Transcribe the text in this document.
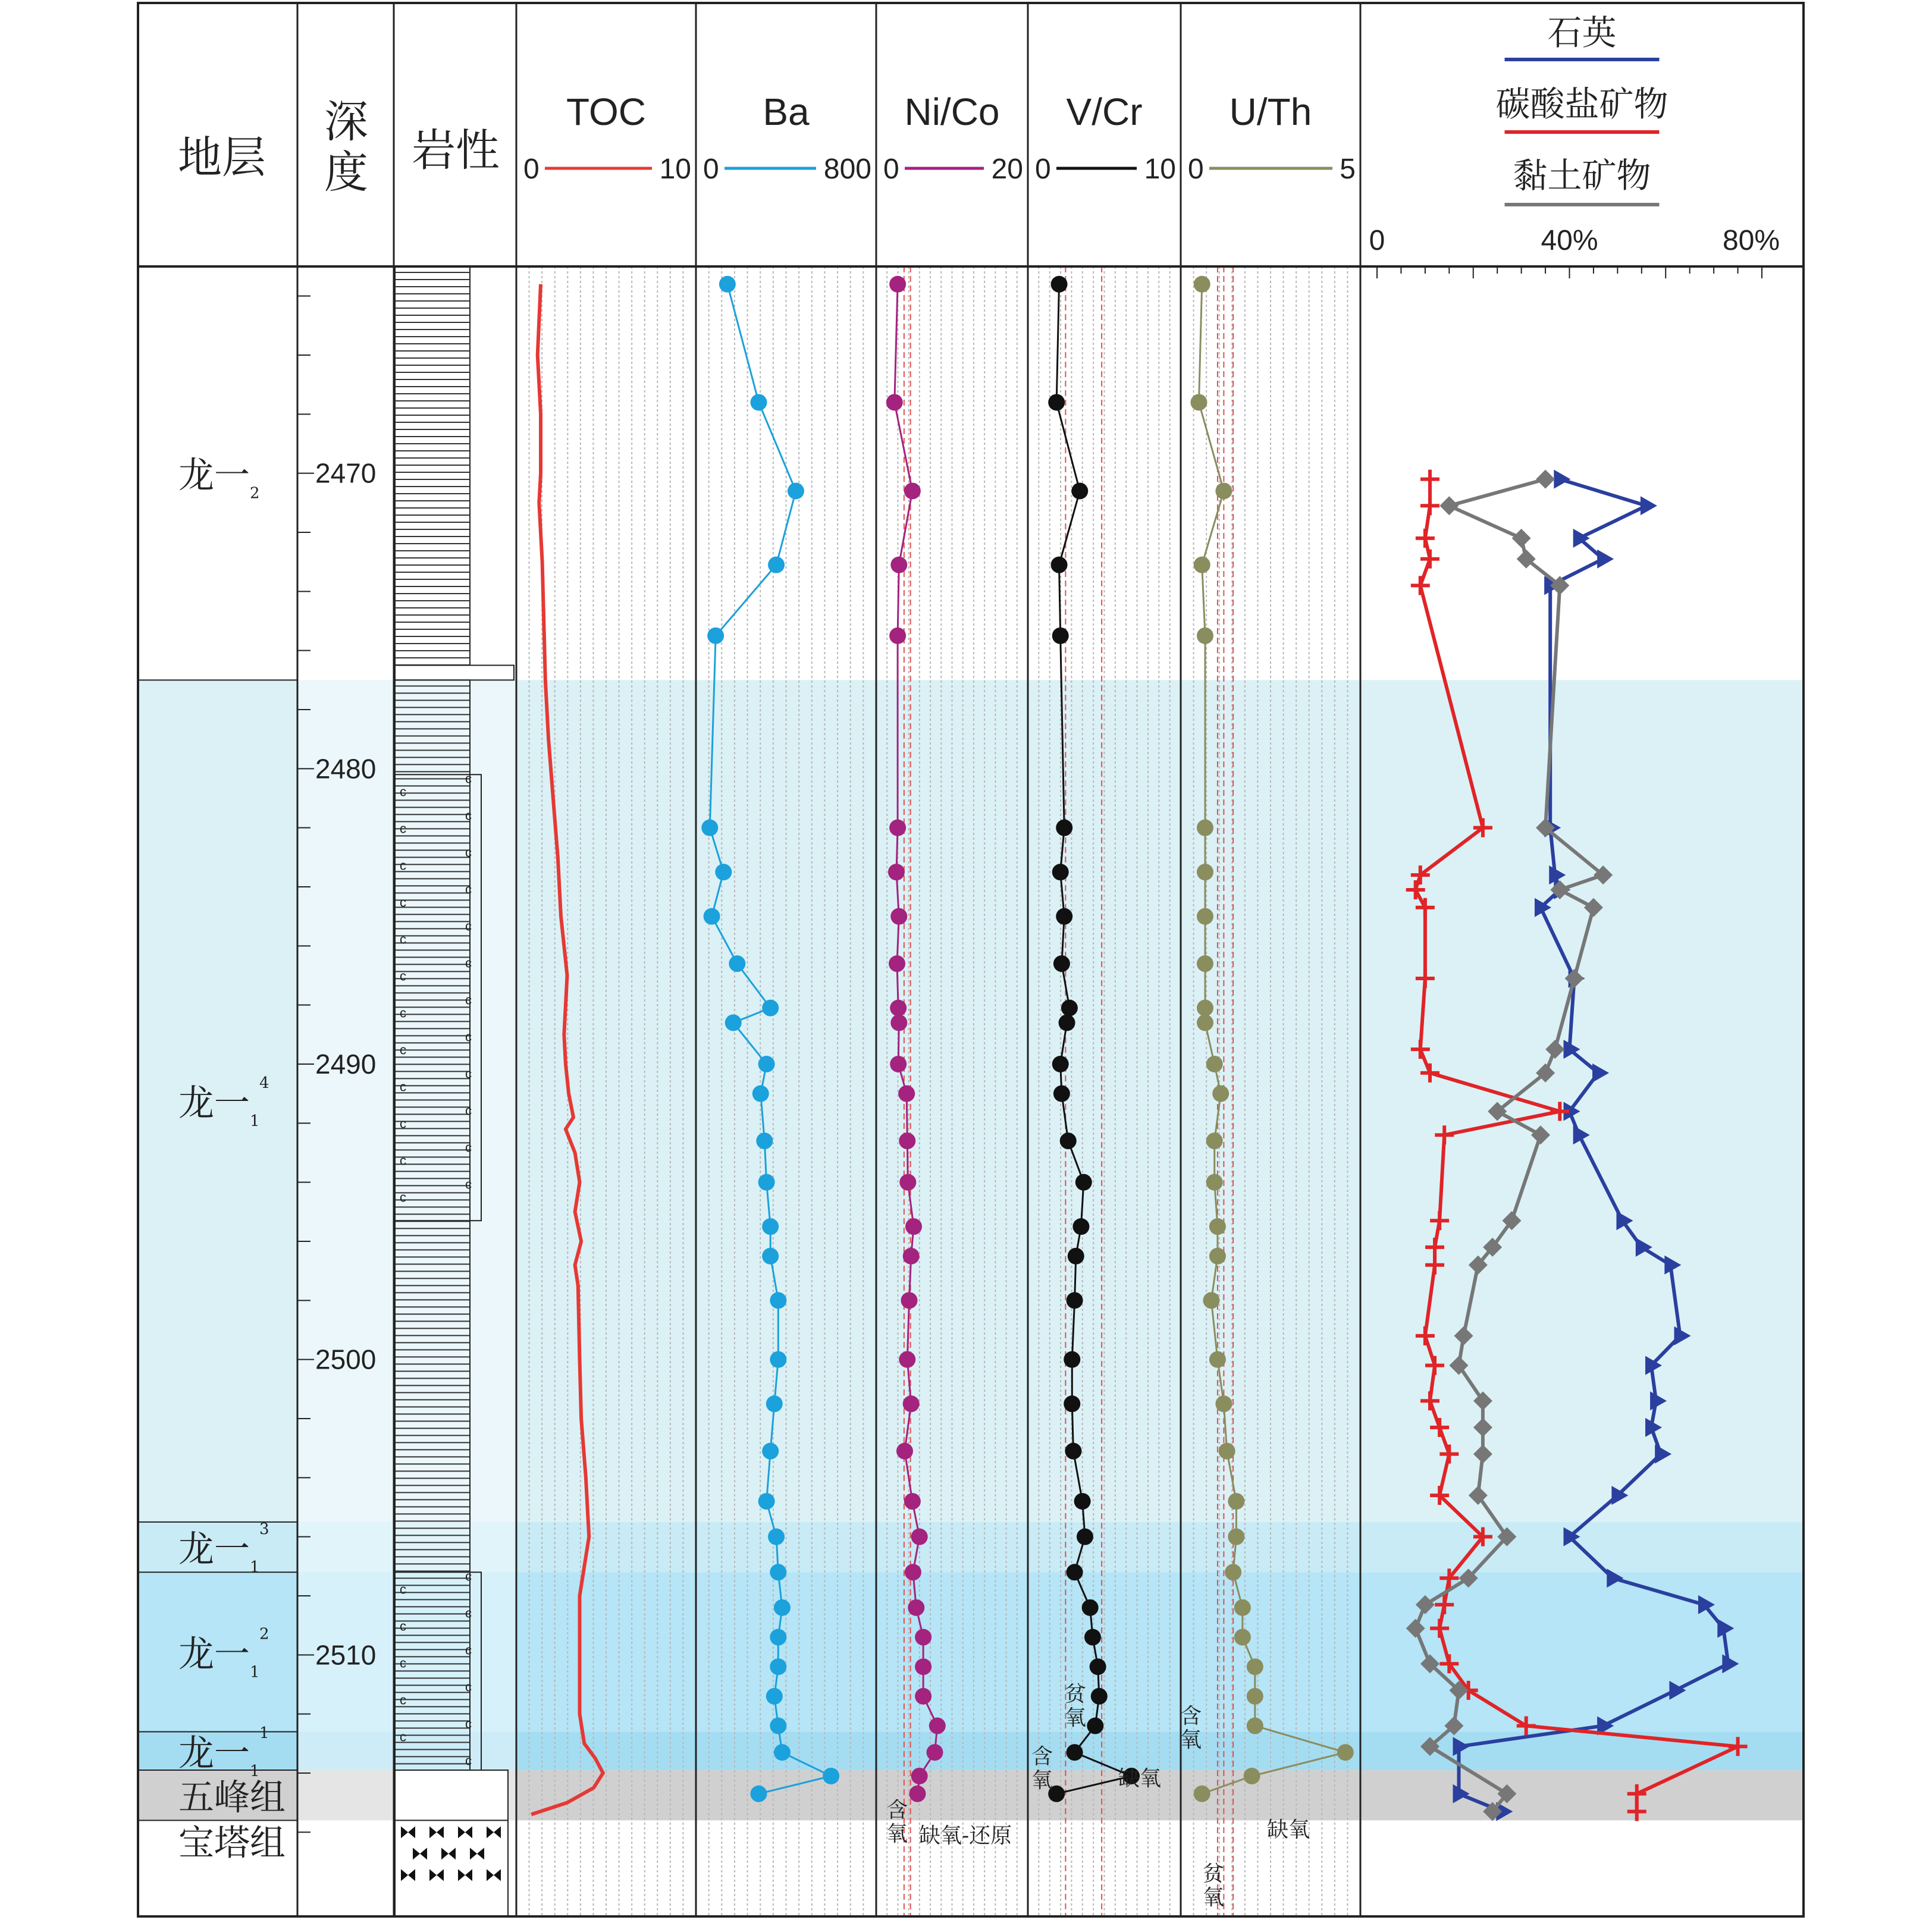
c
c
c
c
c
c
c
c
c
c
c
c
c
c
c
c
c
c
c
c
c
c
c
c
c
c
c
c
c
c
c
c
c
c
c
地层
深
度 岩性
2470
2480
2490
2500
2510
龙一 2
龙一 1
4
龙一 1
3
龙一 1
2
龙一 1
1
五峰组
宝塔组
TOC
0	10
Ba
0	800
Ni/Co
0	20
V/Cr
0	10
U/Th
0	5
含
氧 缺氧-还原
贫
氧
含
氧	缺氧
含
氧
缺氧
贫
氧
0	40%	80%
石英
碳酸盐矿物
黏土矿物
